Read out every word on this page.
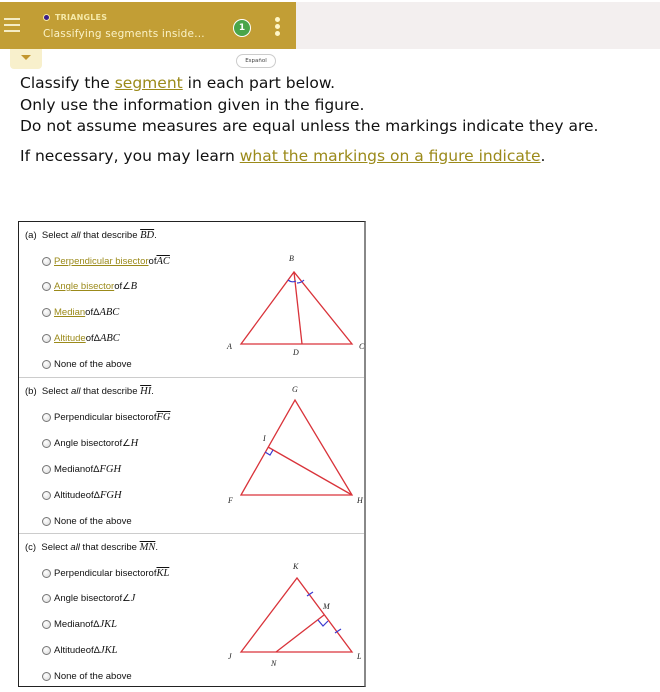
TRIANGLES
Classifying segments inside...	1
Español

Classify the segment in each part below.

Only use the information given in the figure.

Do not assume measures are equal unless the markings indicate they are.

If necessary, you may learn what the markings on a figure indicate.

(a) Select all that describe $\overline{BD}$.
Perpendicular bisector of $\overline{AC}$
Angle bisector of ∠ B
Median of Δ ABC
Altitude of Δ ABC
None of the above
B
A	C
D
(b) Select all that describe $\overline{HI}$.
Perpendicular bisector of $\overline{FG}$
Angle bisector of ∠ H
Median of Δ FGH
Altitude of Δ FGH
None of the above
G
I
F	H
(c) Select all that describe $\overline{MN}$.
Perpendicular bisector of $\overline{KL}$
Angle bisector of ∠ J
Median of Δ JKL
Altitude of Δ JKL
None of the above
K
M
J	L
N
